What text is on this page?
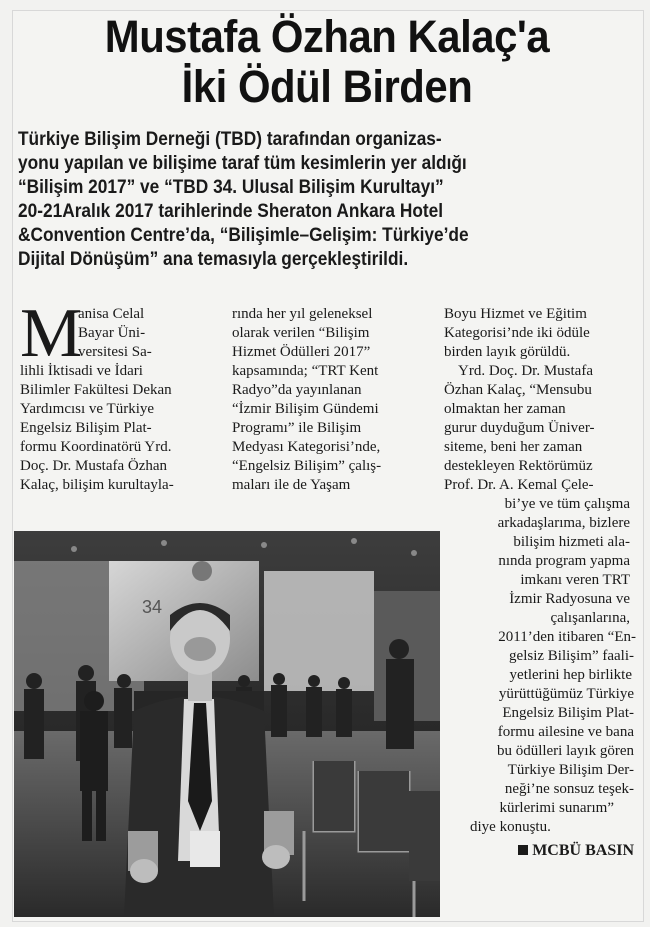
Mustafa Özhan Kalaç'a
İki Ödül Birden
Türkiye Bilişim Derneği (TBD) tarafından organizas-
yonu yapılan ve bilişime taraf tüm kesimlerin yer aldığı
“Bilişim 2017” ve “TBD 34. Ulusal Bilişim Kurultayı”
20-21Aralık 2017 tarihlerinde Sheraton Ankara Hotel
&Convention Centre’da, “Bilişimle–Gelişim: Türkiye’de
Dijital Dönüşüm” ana temasıyla gerçekleştirildi.
M
anisa Celal
Bayar Üni-
versitesi Sa-
lihli İktisadi ve İdari
Bilimler Fakültesi Dekan
Yardımcısı ve Türkiye
Engelsiz Bilişim Plat-
formu Koordinatörü Yrd.
Doç. Dr. Mustafa Özhan
Kalaç, bilişim kurultayla-
rında her yıl geleneksel
olarak verilen “Bilişim
Hizmet Ödülleri 2017”
kapsamında; “TRT Kent
Radyo”da yayınlanan
“İzmir Bilişim Gündemi
Programı” ile Bilişim
Medyası Kategorisi’nde,
“Engelsiz Bilişim” çalış-
maları ile de Yaşam
Boyu Hizmet ve Eğitim
Kategorisi’nde iki ödüle
birden layık görüldü.
Yrd. Doç. Dr. Mustafa
Özhan Kalaç, “Mensubu
olmaktan her zaman
gurur duyduğum Üniver-
siteme, beni her zaman
destekleyen Rektörümüz
Prof. Dr. A. Kemal Çele-
bi’ye ve tüm çalışma
arkadaşlarıma, bizlere
bilişim hizmeti ala-
nında program yapma
imkanı veren TRT
İzmir Radyosuna ve
çalışanlarına,
2011’den itibaren “En-
gelsiz Bilişim” faali-
yetlerini hep birlikte
yürüttüğümüz Türkiye
Engelsiz Bilişim Plat-
formu ailesine ve bana
bu ödülleri layık gören
Türkiye Bilişim Der-
neği’ne sonsuz teşek-
kürlerimi sunarım”
diye konuştu.
MCBÜ BASIN
34
